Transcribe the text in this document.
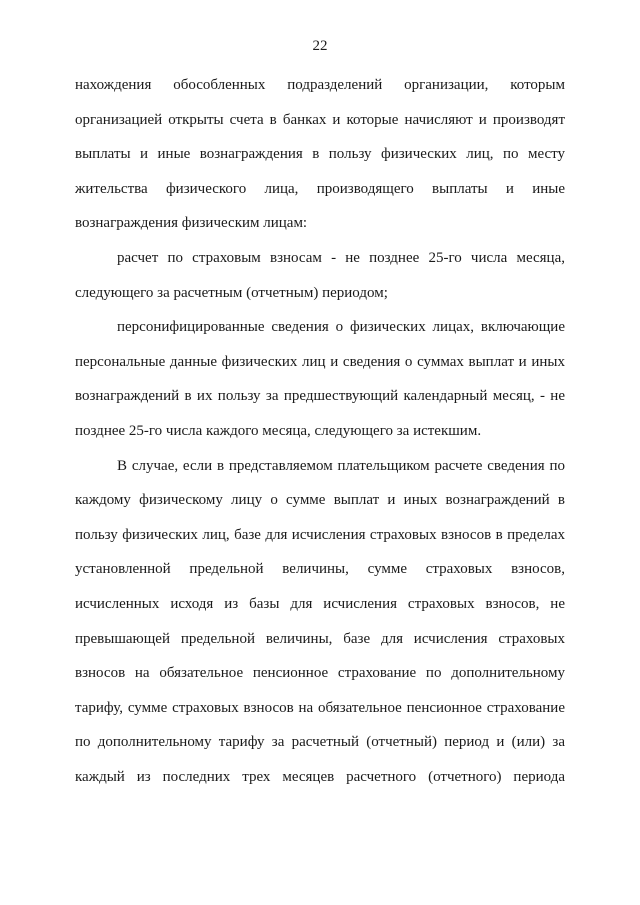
22

нахождения обособленных подразделений организации, которым организацией открыты счета в банках и которые начисляют и производят выплаты и иные вознаграждения в пользу физических лиц, по месту жительства физического лица, производящего выплаты и иные вознаграждения физическим лицам:

расчет по страховым взносам - не позднее 25-го числа месяца, следующего за расчетным (отчетным) периодом;

персонифицированные сведения о физических лицах, включающие персональные данные физических лиц и сведения о суммах выплат и иных вознаграждений в их пользу за предшествующий календарный месяц, - не позднее 25-го числа каждого месяца, следующего за истекшим.

В случае, если в представляемом плательщиком расчете сведения по каждому физическому лицу о сумме выплат и иных вознаграждений в пользу физических лиц, базе для исчисления страховых взносов в пределах установленной предельной величины, сумме страховых взносов, исчисленных исходя из базы для исчисления страховых взносов, не превышающей предельной величины, базе для исчисления страховых взносов на обязательное пенсионное страхование по дополнительному тарифу, сумме страховых взносов на обязательное пенсионное страхование по дополнительному тарифу за расчетный (отчетный) период и (или) за каждый из последних трех месяцев расчетного (отчетного) периода
